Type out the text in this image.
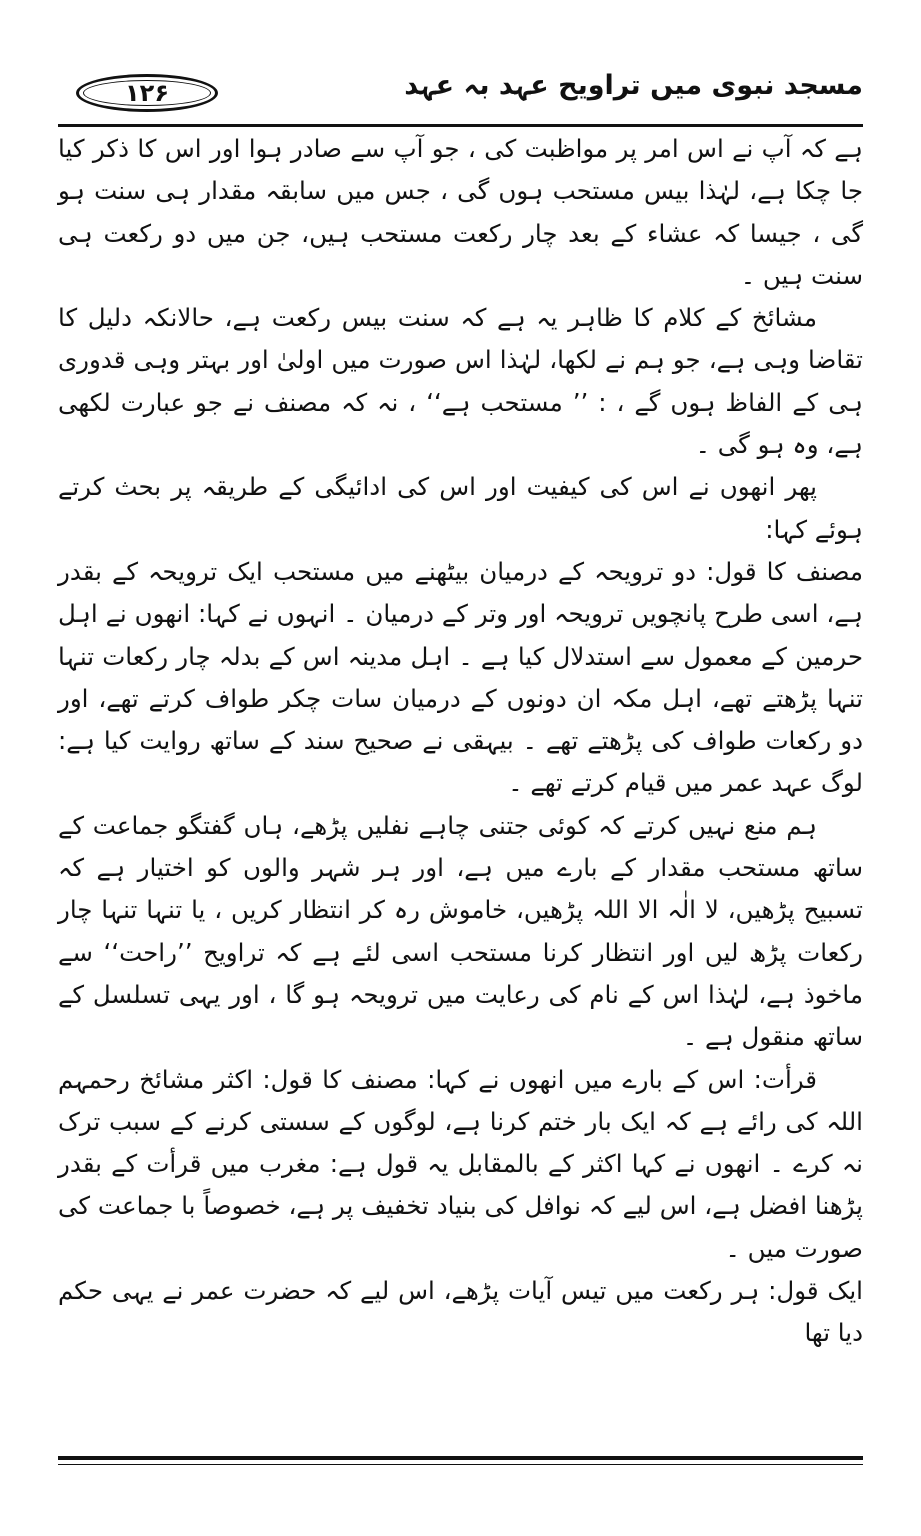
مسجد نبوی میں تراویح عہد بہ عہد
۱۲۶

ہے کہ آپ نے اس امر پر مواظبت کی ، جو آپ سے صادر ہوا اور اس کا ذکر کیا جا چکا ہے، لہٰذا بیس مستحب ہوں گی ، جس میں سابقہ مقدار ہی سنت ہو گی ، جیسا کہ عشاء کے بعد چار رکعت مستحب ہیں، جن میں دو رکعت ہی سنت ہیں ۔

مشائخ کے کلام کا ظاہر یہ ہے کہ سنت بیس رکعت ہے، حالانکہ دلیل کا تقاضا وہی ہے، جو ہم نے لکھا، لہٰذا اس صورت میں اولیٰ اور بہتر وہی قدوری ہی کے الفاظ ہوں گے ، : ’’ مستحب ہے‘‘ ، نہ کہ مصنف نے جو عبارت لکھی ہے، وہ ہو گی ۔

پھر انھوں نے اس کی کیفیت اور اس کی ادائیگی کے طریقہ پر بحث کرتے ہوئے کہا:

مصنف کا قول: دو ترویحہ کے درمیان بیٹھنے میں مستحب ایک ترویحہ کے بقدر ہے، اسی طرح پانچویں ترویحہ اور وتر کے درمیان ۔ انہوں نے کہا: انھوں نے اہل حرمین کے معمول سے استدلال کیا ہے ۔ اہل مدینہ اس کے بدلہ چار رکعات تنہا تنہا پڑھتے تھے، اہل مکہ ان دونوں کے درمیان سات چکر طواف کرتے تھے، اور دو رکعات طواف کی پڑھتے تھے ۔ بیہقی نے صحیح سند کے ساتھ روایت کیا ہے: لوگ عہد عمر میں قیام کرتے تھے ۔

ہم منع نہیں کرتے کہ کوئی جتنی چاہے نفلیں پڑھے، ہاں گفتگو جماعت کے ساتھ مستحب مقدار کے بارے میں ہے، اور ہر شہر والوں کو اختیار ہے کہ تسبیح پڑھیں، لا الٰہ الا اللہ پڑھیں، خاموش رہ کر انتظار کریں ، یا تنہا تنہا چار رکعات پڑھ لیں اور انتظار کرنا مستحب اسی لئے ہے کہ تراویح ’’راحت‘‘ سے ماخوذ ہے، لہٰذا اس کے نام کی رعایت میں ترویحہ ہو گا ، اور یہی تسلسل کے ساتھ منقول ہے ۔

قرأت: اس کے بارے میں انھوں نے کہا: مصنف کا قول: اکثر مشائخ رحمہم اللہ کی رائے ہے کہ ایک بار ختم کرنا ہے، لوگوں کے سستی کرنے کے سبب ترک نہ کرے ۔ انھوں نے کہا اکثر کے بالمقابل یہ قول ہے: مغرب میں قرأت کے بقدر پڑھنا افضل ہے، اس لیے کہ نوافل کی بنیاد تخفیف پر ہے، خصوصاً با جماعت کی صورت میں ۔

ایک قول: ہر رکعت میں تیس آیات پڑھے، اس لیے کہ حضرت عمر نے یہی حکم دیا تھا
